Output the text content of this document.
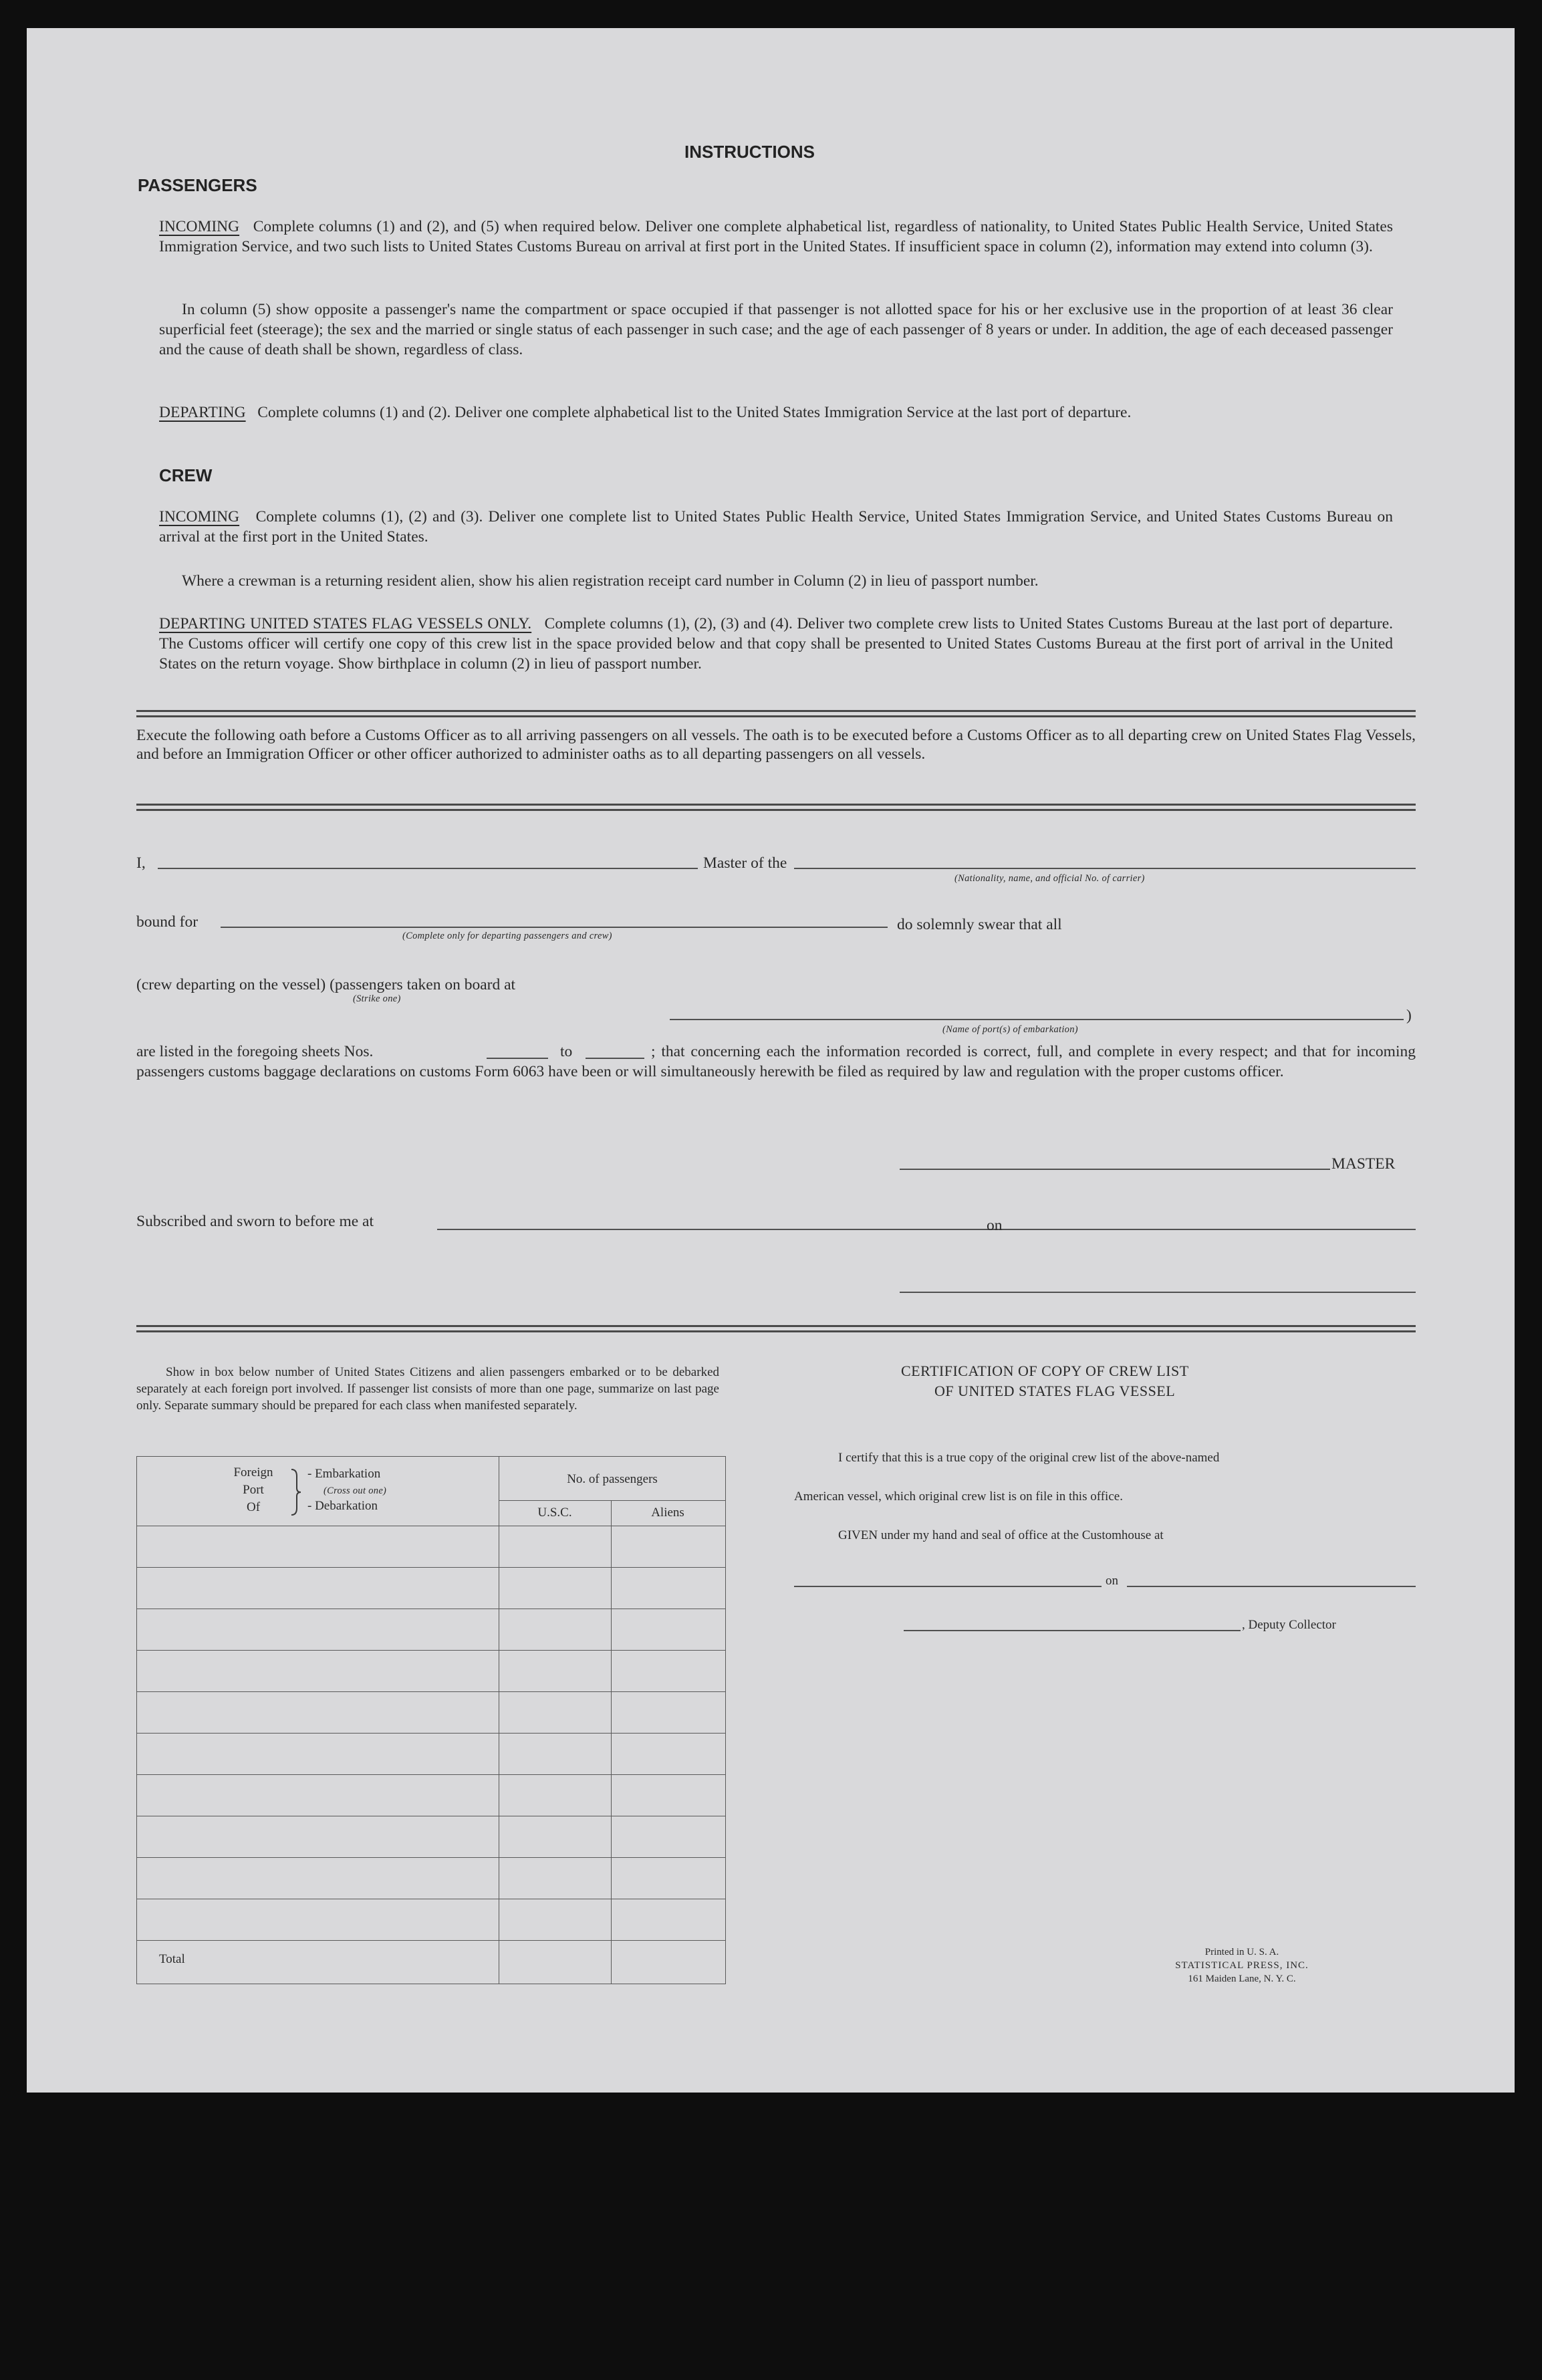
INSTRUCTIONS
PASSENGERS
INCOMING Complete columns (1) and (2), and (5) when required below. Deliver one complete alphabetical list, regardless of nationality, to United States Public Health Service, United States Immigration Service, and two such lists to United States Customs Bureau on arrival at first port in the United States. If insufficient space in column (2), information may extend into column (3).
In column (5) show opposite a passenger's name the compartment or space occupied if that passenger is not allotted space for his or her exclusive use in the proportion of at least 36 clear superficial feet (steerage); the sex and the married or single status of each passenger in such case; and the age of each passenger of 8 years or under. In addition, the age of each deceased passenger and the cause of death shall be shown, regardless of class.
DEPARTING Complete columns (1) and (2). Deliver one complete alphabetical list to the United States Immigration Service at the last port of departure.
CREW
INCOMING Complete columns (1), (2) and (3). Deliver one complete list to United States Public Health Service, United States Immigration Service, and United States Customs Bureau on arrival at the first port in the United States.
Where a crewman is a returning resident alien, show his alien registration receipt card number in Column (2) in lieu of passport number.
DEPARTING UNITED STATES FLAG VESSELS ONLY. Complete columns (1), (2), (3) and (4). Deliver two complete crew lists to United States Customs Bureau at the last port of departure. The Customs officer will certify one copy of this crew list in the space provided below and that copy shall be presented to United States Customs Bureau at the first port of arrival in the United States on the return voyage. Show birthplace in column (2) in lieu of passport number.
Execute the following oath before a Customs Officer as to all arriving passengers on all vessels. The oath is to be executed before a Customs Officer as to all departing crew on United States Flag Vessels, and before an Immigration Officer or other officer authorized to administer oaths as to all departing passengers on all vessels.
I,	Master of the
(Nationality, name, and official No. of carrier)
bound for
(Complete only for departing passengers and crew)
do solemnly swear that all
(crew departing on the vessel) (passengers taken on board at
(Strike one)
)
(Name of port(s) of embarkation)
are listed in the foregoing sheets Nos.	to	; that concerning each the information recorded is correct, full, and complete in every respect; and that for incoming passengers customs baggage declarations on customs Form 6063 have been or will simultaneously herewith be filed as required by law and regulation with the proper customs officer.
MASTER
Subscribed and sworn to before me at	on
Show in box below number of United States Citizens and alien passengers embarked or to be debarked separately at each foreign port involved. If passenger list consists of more than one page, summarize on last page only. Separate summary should be prepared for each class when manifested separately.
Foreign
Port
Of
- Embarkation
(Cross out one)
- Debarkation
No. of passengers
U.S.C.	Aliens
Total
CERTIFICATION OF COPY OF CREW LIST
OF UNITED STATES FLAG VESSEL
I certify that this is a true copy of the original crew list of the above-named
American vessel, which original crew list is on file in this office.
GIVEN under my hand and seal of office at the Customhouse at
on
, Deputy Collector
Printed in U. S. A.
STATISTICAL PRESS, INC.
161 Maiden Lane, N. Y. C.
